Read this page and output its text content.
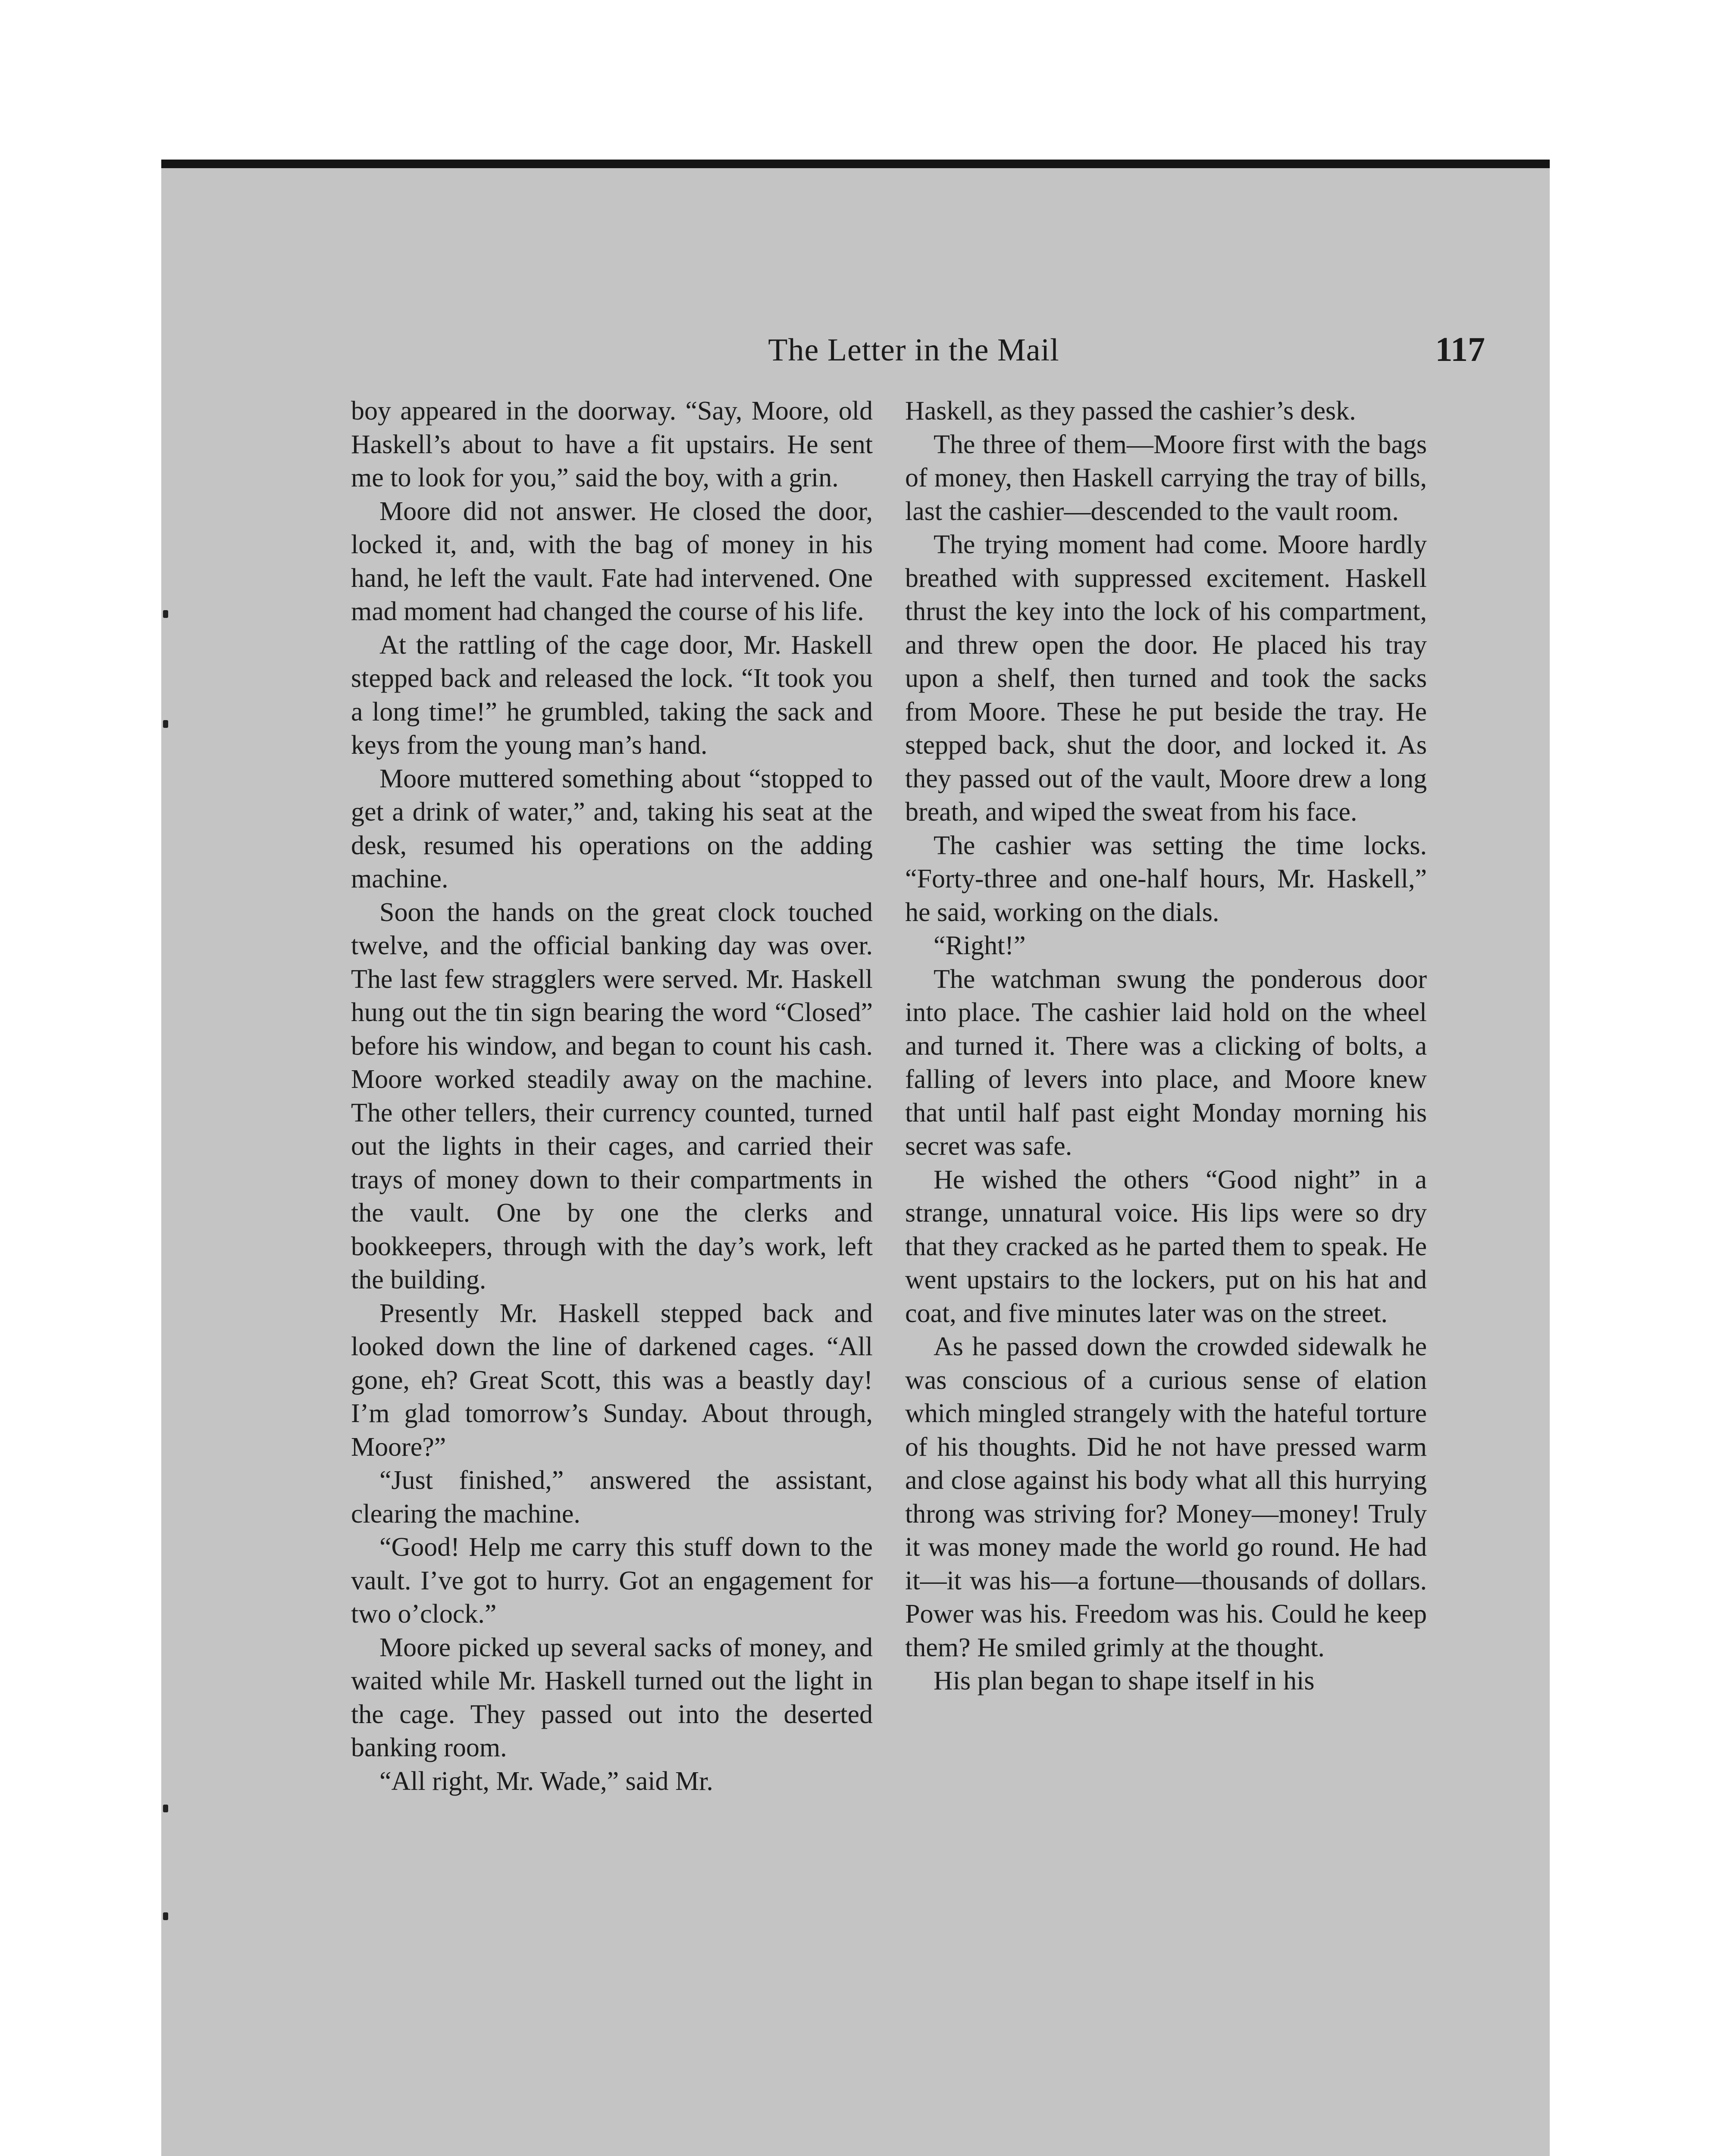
The Letter in the Mail	117

boy appeared in the doorway. “Say, Moore, old Haskell’s about to have a fit upstairs. He sent me to look for you,” said the boy, with a grin.

Moore did not answer. He closed the door, locked it, and, with the bag of money in his hand, he left the vault. Fate had intervened. One mad moment had changed the course of his life.

At the rattling of the cage door, Mr. Haskell stepped back and released the lock. “It took you a long time!” he grumbled, taking the sack and keys from the young man’s hand.

Moore muttered something about “stopped to get a drink of water,” and, taking his seat at the desk, resumed his operations on the adding machine.

Soon the hands on the great clock touched twelve, and the official banking day was over. The last few stragglers were served. Mr. Haskell hung out the tin sign bearing the word “Closed” before his window, and began to count his cash. Moore worked steadily away on the machine. The other tellers, their currency counted, turned out the lights in their cages, and carried their trays of money down to their compartments in the vault. One by one the clerks and bookkeepers, through with the day’s work, left the building.

Presently Mr. Haskell stepped back and looked down the line of darkened cages. “All gone, eh? Great Scott, this was a beastly day! I’m glad tomorrow’s Sunday. About through, Moore?”

“Just finished,” answered the assistant, clearing the machine.

“Good! Help me carry this stuff down to the vault. I’ve got to hurry. Got an engagement for two o’clock.”

Moore picked up several sacks of money, and waited while Mr. Haskell turned out the light in the cage. They passed out into the deserted banking room.

“All right, Mr. Wade,” said Mr.

Haskell, as they passed the cashier’s desk.

The three of them—Moore first with the bags of money, then Haskell carrying the tray of bills, last the cashier—descended to the vault room.

The trying moment had come. Moore hardly breathed with suppressed excitement. Haskell thrust the key into the lock of his compartment, and threw open the door. He placed his tray upon a shelf, then turned and took the sacks from Moore. These he put beside the tray. He stepped back, shut the door, and locked it. As they passed out of the vault, Moore drew a long breath, and wiped the sweat from his face.

The cashier was setting the time locks. “Forty-three and one-half hours, Mr. Haskell,” he said, working on the dials.

“Right!”

The watchman swung the ponderous door into place. The cashier laid hold on the wheel and turned it. There was a clicking of bolts, a falling of levers into place, and Moore knew that until half past eight Monday morning his secret was safe.

He wished the others “Good night” in a strange, unnatural voice. His lips were so dry that they cracked as he parted them to speak. He went upstairs to the lockers, put on his hat and coat, and five minutes later was on the street.

As he passed down the crowded sidewalk he was conscious of a curious sense of elation which mingled strangely with the hateful torture of his thoughts. Did he not have pressed warm and close against his body what all this hurrying throng was striving for? Money—money! Truly it was money made the world go round. He had it—it was his—a fortune—thousands of dollars. Power was his. Freedom was his. Could he keep them? He smiled grimly at the thought.

His plan began to shape itself in his
